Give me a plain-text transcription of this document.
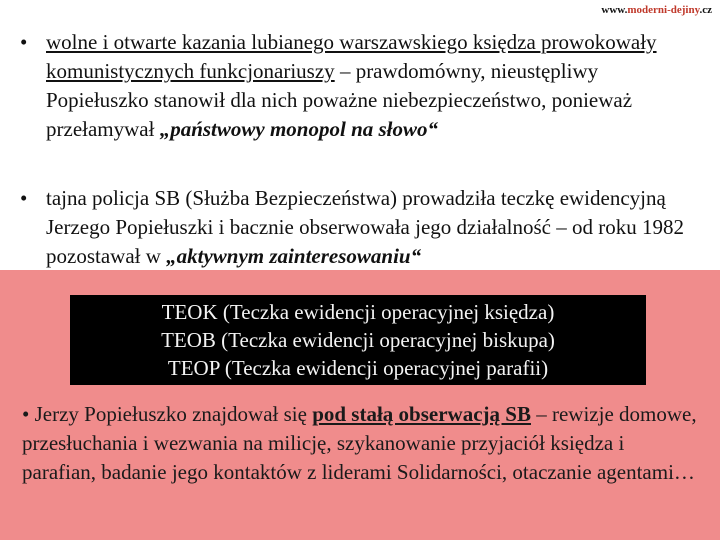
www.moderni-dejiny.cz
• wolne i otwarte kazania lubianego warszawskiego księdza prowokowały komunistycznych funkcjonariuszy – prawdomówny, nieustępliwy Popiełuszko stanowił dla nich poważne niebezpieczeństwo, ponieważ przełamywał „państwowy monopol na słowo“
• tajna policja SB (Służba Bezpieczeństwa) prowadziła teczkę ewidencyjną Jerzego Popiełuszki i bacznie obserwowała jego działalność – od roku 1982 pozostawał w „aktywnym zainteresowaniu“
TEOK (Teczka ewidencji operacyjnej księdza)
TEOB (Teczka ewidencji operacyjnej biskupa)
TEOP (Teczka ewidencji operacyjnej parafii)
• Jerzy Popiełuszko znajdował się pod stałą obserwacją SB – rewizje domowe, przesłuchania i wezwania na milicję, szykanowanie przyjaciół księdza i parafian, badanie jego kontaktów z liderami Solidarności, otaczanie agentami…
